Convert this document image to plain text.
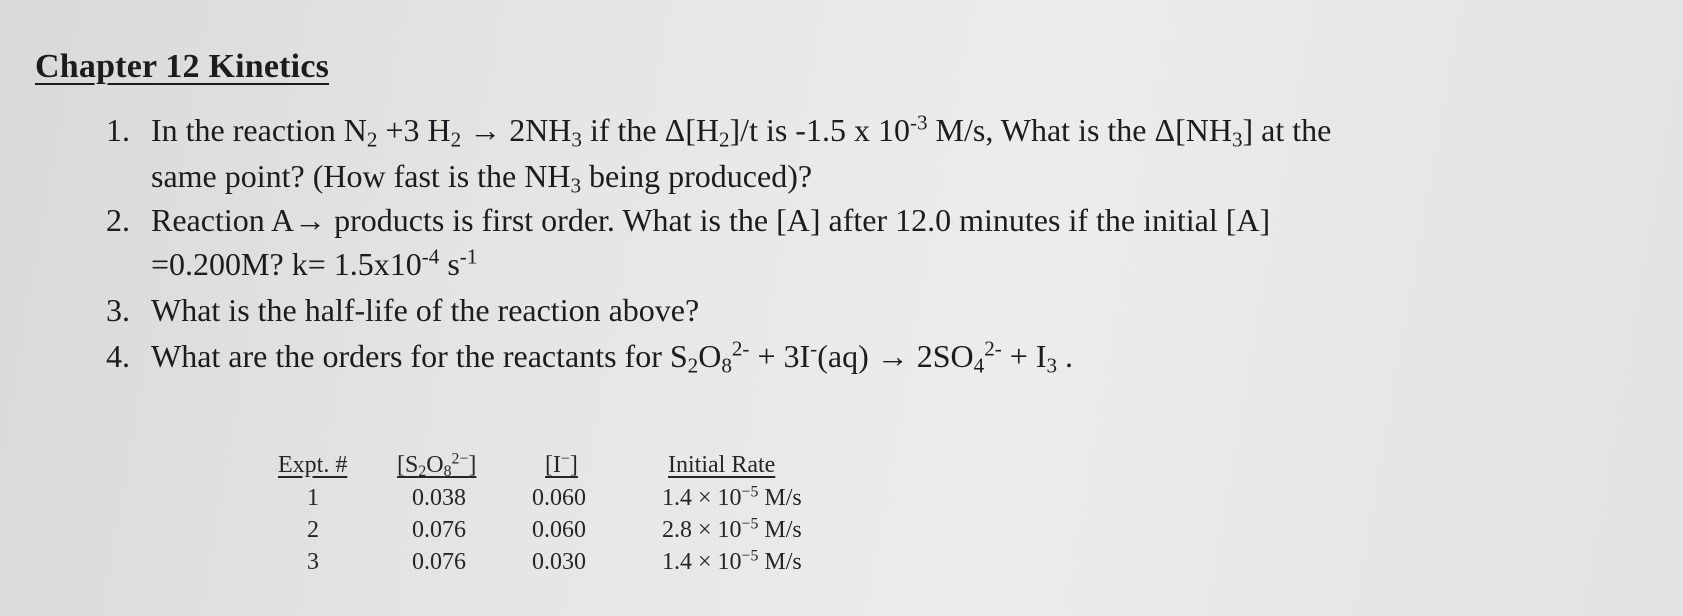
Chapter 12 Kinetics
1. In the reaction $N_2 +3$ $H_2 \to 2NH_3$ if the $\Delta[H_2]/t$ is -1.5 x $10^{-3}$ M/s, What is the $\Delta[NH_3]$ at the
same point? (How fast is the $NH_3$ being produced)?
2. Reaction A→ products is first order. What is the [A] after 12.0 minutes if the initial [A]
=0.200M? $k= 1.5x10^{-4}$ $s^{-1}$
3. What is the half-life of the reaction above?
4. What are the orders for the reactants for $S_2O_8^{2-} + 3I^-(aq) \to 2SO_4^{2-} + I_3$ .
Expt. # $[S_2O_8^{2-}]$	[I−]	Initial Rate
1	0.038	0.060	$1.4 \times 10^{-5}$ M/s
2	0.076	0.060	$2.8 \times 10^{-5}$ M/s
3	0.076	0.030	$1.4 \times 10^{-5}$ M/s
